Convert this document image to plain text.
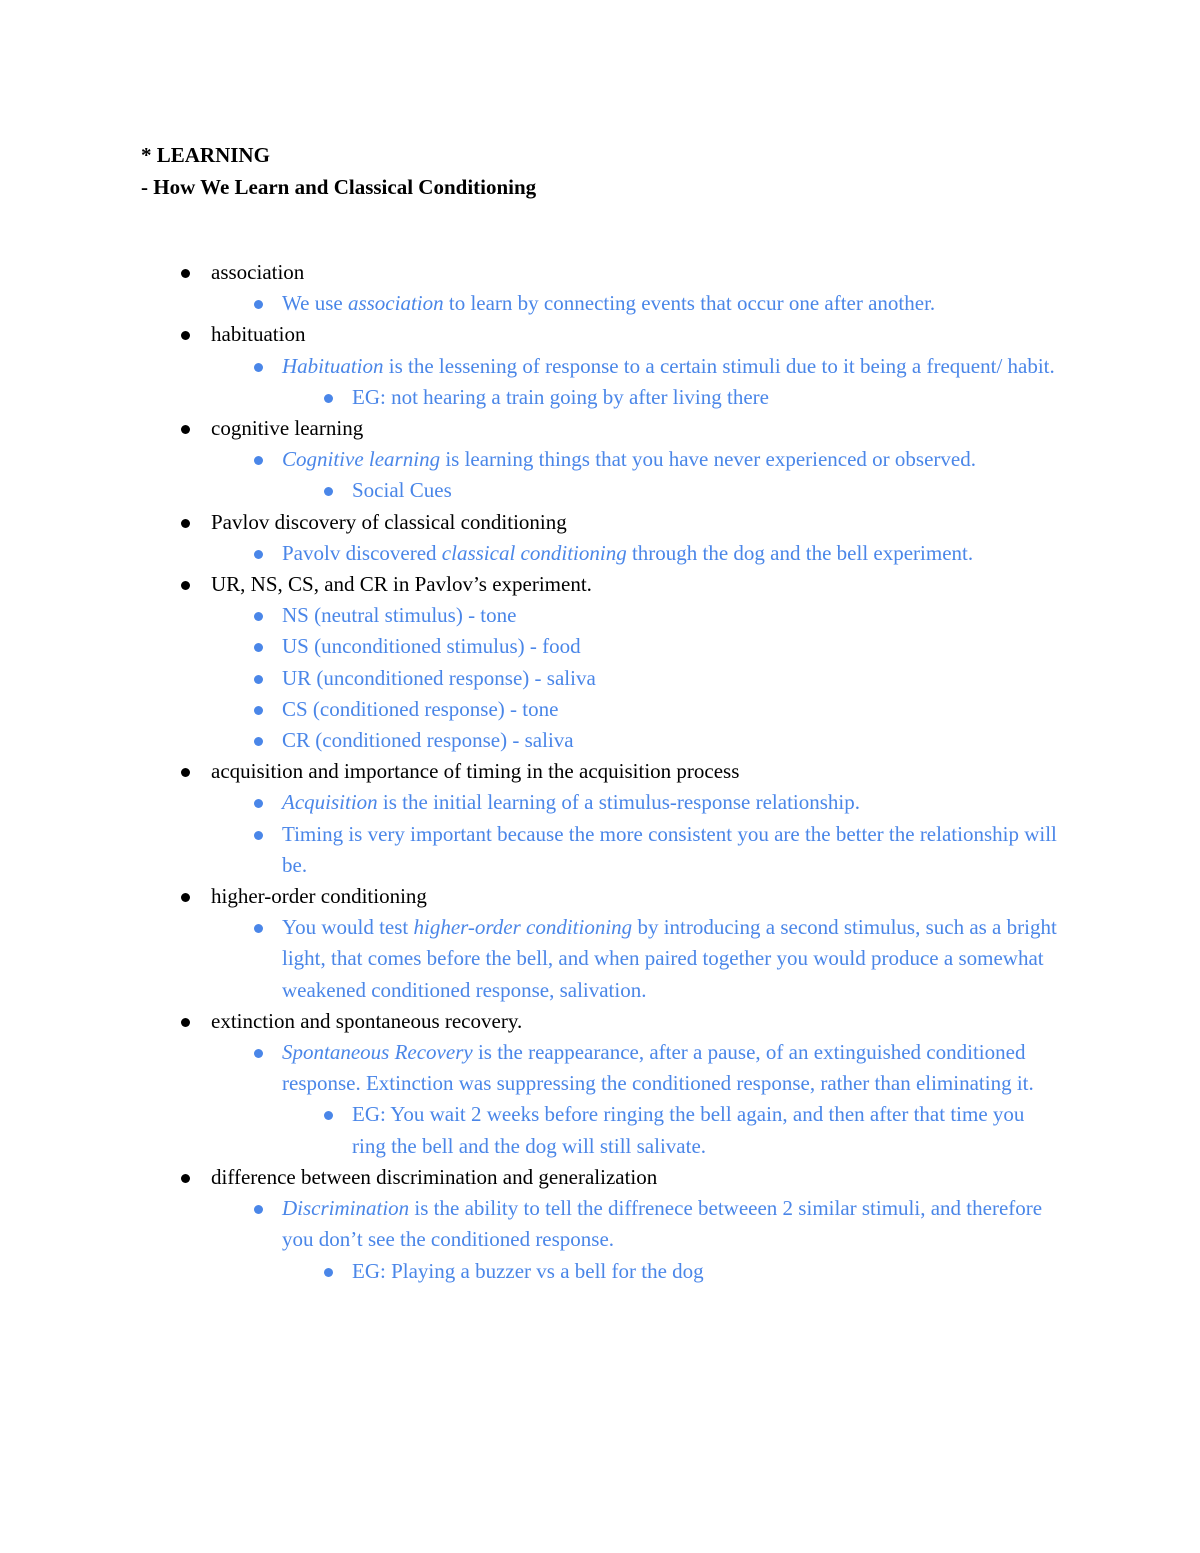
* LEARNING
- How We Learn and Classical Conditioning
association
We use association to learn by connecting events that occur one after another.
habituation
Habituation is the lessening of response to a certain stimuli due to it being a frequent/ habit.
EG: not hearing a train going by after living there
cognitive learning
Cognitive learning is learning things that you have never experienced or observed.
Social Cues
Pavlov discovery of classical conditioning
Pavolv discovered classical conditioning through the dog and the bell experiment.
UR, NS, CS, and CR in Pavlov’s experiment.
NS (neutral stimulus) - tone
US (unconditioned stimulus) - food
UR (unconditioned response) - saliva
CS (conditioned response) - tone
CR (conditioned response) - saliva
acquisition and importance of timing in the acquisition process
Acquisition is the initial learning of a stimulus-response relationship.
Timing is very important because the more consistent you are the better the relationship will be.
higher-order conditioning
You would test higher-order conditioning by introducing a second stimulus, such as a bright light, that comes before the bell, and when paired together you would produce a somewhat weakened conditioned response, salivation.
extinction and spontaneous recovery.
Spontaneous Recovery is the reappearance, after a pause, of an extinguished conditioned response. Extinction was suppressing the conditioned response, rather than eliminating it.
EG: You wait 2 weeks before ringing the bell again, and then after that time you ring the bell and the dog will still salivate.
difference between discrimination and generalization
Discrimination is the ability to tell the diffrenece betweeen 2 similar stimuli, and therefore you don’t see the conditioned response.
EG: Playing a buzzer vs a bell for the dog
